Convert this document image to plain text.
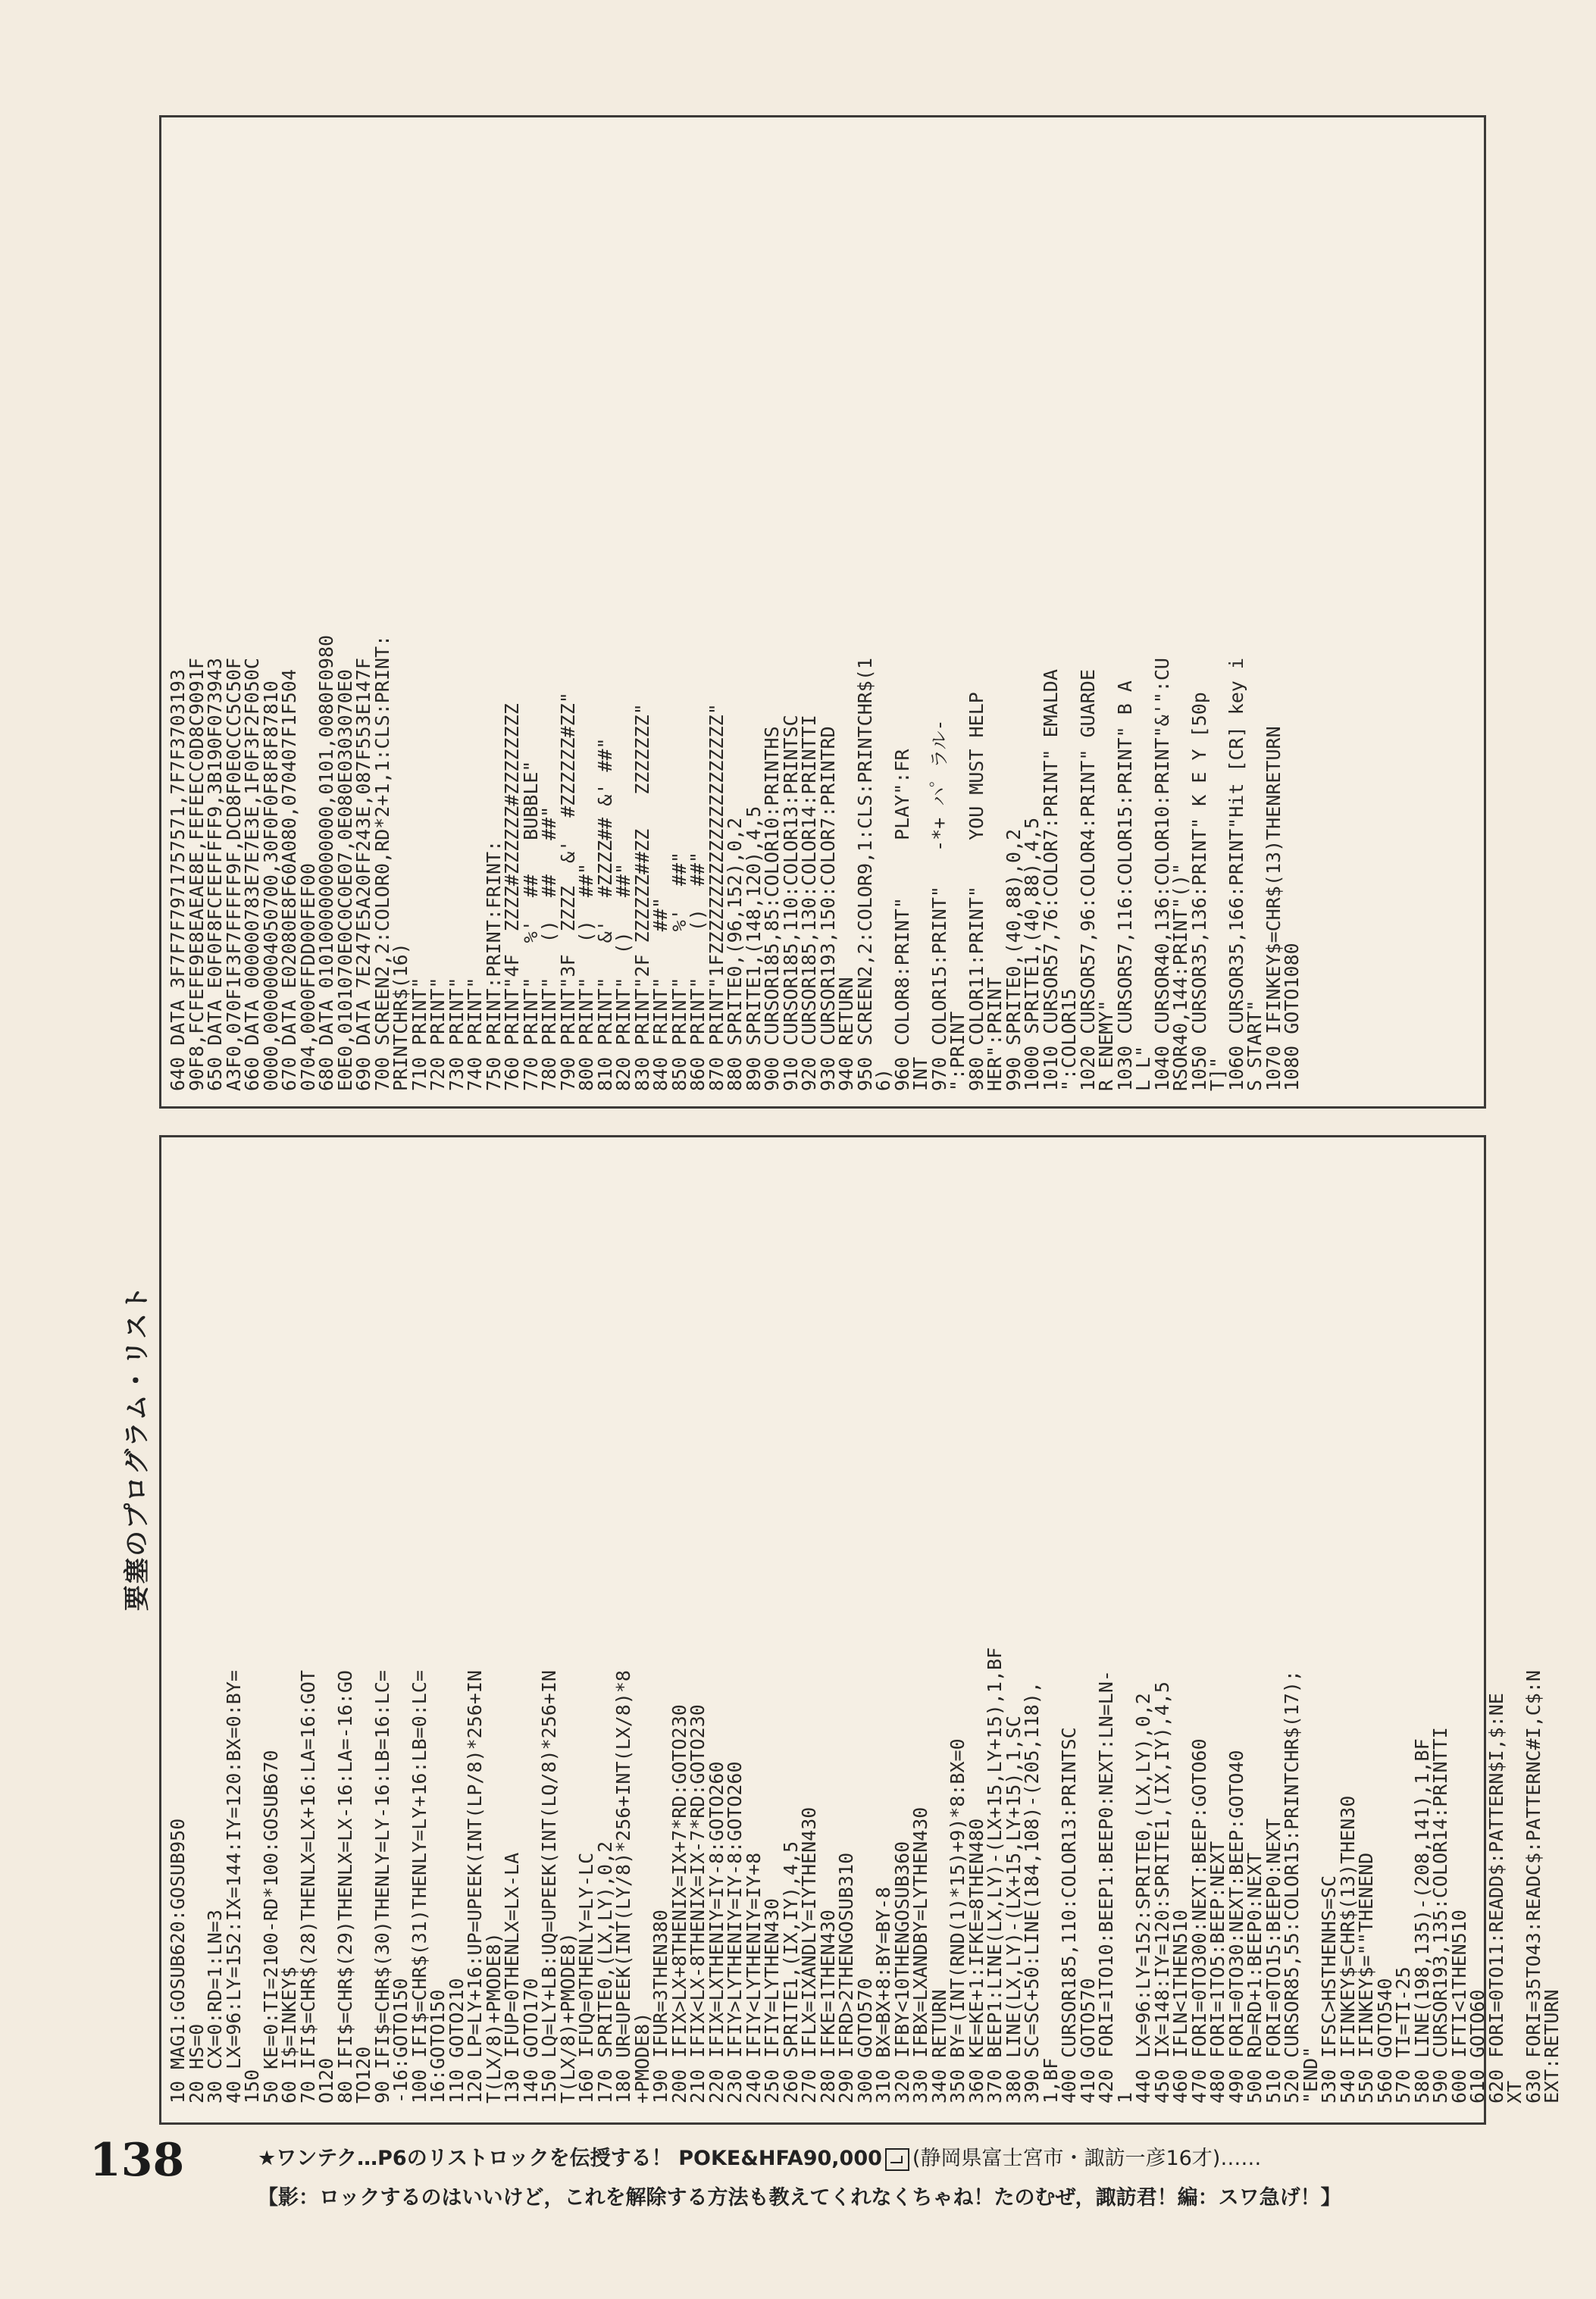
要塞のプログラム・リスト
640 DATA 3F7F7F7971757571,7F7F3703193
90F8,FCFEFE9E8EAEAE8E,FEFEECC0D8C9091F
650 DATA E0F0F8FCFEFFFFF9,3B190F073943
A3F0,070F1F3F7FFFFF9F,DCD8F0E0CCC5C50F
660 DATA 000000783E7E7E3E,1F0F3F2F050C
0000,00000004050700,30F0F0F8F8F87810
670 DATA E02080E8F60A080,070407F1F504
0704,0000FFDD00FEF00
680 DATA 0101000000000000,0101,0080F0980
E0E0,0101070E0C0C0E07,0E080E0303070E0
690 DATA 7E247E5A20FF243E,087F553E147F
700 SCREEN2,2:COLOR0,RD*2+1,1:CLS:PRINT:
PRINTCHR$(16)
710 PRINT"
720 PRINT"
730 PRINT"
740 PRINT"
750 PRINT:PRINT:FRINT:
760 PRINT"4F  ZZZZ#ZZZZZZ#ZZZZZZZZ
770 PRINT"   %'  ##   BUBBLE"
780 PRINT"   ()  ##   ##"
790 PRINT"3F  ZZZZ  &'  #ZZZZZZ#ZZ"
800 PRINT"   ()  ##"
810 PRINT"   &'  #ZZZZ## &' ##"
820 PRINT"  ()   ##"
830 PRINT"2F ZZZZZZ##ZZ   ZZZZZZZ"
840 FRINT"    ##"
850 PRINT"    %'  ##"
860 PRINT"    ()  ##"
870 PRINT"1FZZZZZZZZZZZZZZZZZZZZZ"
880 SPRITE0,(96,152),0,2
890 SPRITE1,(148,120),4,5
900 CURSOR185,85:COLOR10:PRINTHS
910 CURSOR185,110:COLOR13:PRINTSC
920 CURSOR185,130:COLOR14:PRINTTI
930 CURSOR193,150:COLOR7:PRINTRD
940 RETURN
950 SCREEN2,2:COLOR9,1:CLS:PRINTCHR$(1
6)
960 COLOR8:PRINT"     PLAY":FR
INT
970 COLOR15:PRINT"   -*+ ハ゜ラル-
":PRINT
980 COLOR11:PRINT"    YOU MUST HELP
HER":PRINT
990 SPRITE0,(40,88),0,2
1000 SPRITE1,(40,88),4,5
1010 CURSOR57,76:COLOR7:PRINT" EMALDA
":COLOR15
1020 CURSOR57,96:COLOR4:PRINT" GUARDE
R ENEMY"
1030 CURSOR57,116:COLOR15:PRINT" B A
L L"
1040 CURSOR40,136:COLOR10:PRINT"&'":CU
RSOR40,144:PRINT"()"
1050 CURSOR35,136:PRINT" K E Y [50p
T]"
1060 CURSOR35,166:PRINT"Hit [CR] key i
S START"
1070 IFINKEY$=CHR$(13)THENRETURN
1080 GOTO1080
10 MAG1:GOSUB620:GOSUB950
20 HS=0
30 CX=0:RD=1:LN=3
40 LX=96:LY=152:IX=144:IY=120:BX=0:BY=
150
50 KE=0:TI=2100-RD*100:GOSUB670
60 I$=INKEY$
70 IFI$=CHR$(28)THENLX=LX+16:LA=16:GOT
O120
80 IFI$=CHR$(29)THENLX=LX-16:LA=-16:GO
TO120
90 IFI$=CHR$(30)THENLY=LY-16:LB=16:LC=
-16:GOTO150
100 IFI$=CHR$(31)THENLY=LY+16:LB=0:LC=
16:GOTO150
110 GOTO210
120 LP=LY+16:UP=UPEEK(INT(LP/8)*256+IN
T(LX/8)+PMODE8)
130 IFUP=0THENLX=LX-LA
140 GOTO170
150 LQ=LY+LB:UQ=UPEEK(INT(LQ/8)*256+IN
T(LX/8)+PMODE8)
160 IFUQ=0THENLY=LY-LC
170 SPRITE0,(LX,LY),0,2
180 UR=UPEEK(INT(LY/8)*256+INT(LX/8)*8
+PMODE8)
190 IFUR=3THEN380
200 IFIX>LX+8THENIX=IX+7*RD:GOTO230
210 IFIX<LX-8THENIX=IX-7*RD:GOTO230
220 IFIX=LXTHENIY=IY-8:GOTO260
230 IFIY>LYTHENIY=IY-8:GOTO260
240 IFIY<LYTHENIY=IY+8
250 IFIY=LYTHEN430
260 SPRITE1,(IX,IY),4,5
270 IFLX=IXANDLY=IYTHEN430
280 IFKE=1THEN430
290 IFRD>2THENGOSUB310
300 GOTO570
310 BX=BX+8:BY=BY-8
320 IFBY<10THENGOSUB360
330 IFBX=LXANDBY=LYTHEN430
340 RETURN
350 BY=(INT(RND(1)*15)+9)*8:BX=0
360 KE=KE+1:IFKE=8THEN480
370 BEEP1:LINE(LX,LY)-(LX+15,LY+15),1,BF
380 LINE(LX,LY)-(LX+15,LY+15),1,SC
390 SC=SC+50:LINE(184,108)-(205,118),
1,BF
400 CURSOR185,110:COLOR13:PRINTSC
410 GOTO570
420 FORI=1TO10:BEEP1:BEEP0:NEXT:LN=LN-
1
440 LX=96:LY=152:SPRITE0,(LX,LY),0,2
450 IX=148:IY=120:SPRITE1,(IX,IY),4,5
460 IFLN<1THEN510
470 FORI=0TO300:NEXT:BEEP:GOTO60
480 FORI=1TO5:BEEP:NEXT
490 FORI=0TO30:NEXT:BEEP:GOTO40
500 RD=RD+1:BEEP0:NEXT
510 FORI=0TO15:BEEP0:NEXT
520 CURSOR85,55:COLOR15:PRINTCHR$(17);
"END"
530 IFSC>HSTHENHS=SC
540 IFINKEY$=CHR$(13)THEN30
550 IFINKEY$=""THENEND
560 GOTO540
570 TI=TI-25
580 LINE(198,135)-(208,141),1,BF
590 CURSOR193,135:COLOR14:PRINTTI
600 IFTI<1THEN510
610 GOTO60
620 FORI=0TO11:READD$:PATTERN$I,$:NE
XT
630 FORI=35TO43:READC$:PATTERNC#I,C$:N
EXT:RETURN
138	★ワンテク…P6のリストロックを伝授する！ POKE&HFA90,000 (静岡県富士宮市・諏訪一彦16才)……
【影：ロックするのはいいけど，これを解除する方法も教えてくれなくちゃね！たのむぜ，諏訪君！編：スワ急げ！】
